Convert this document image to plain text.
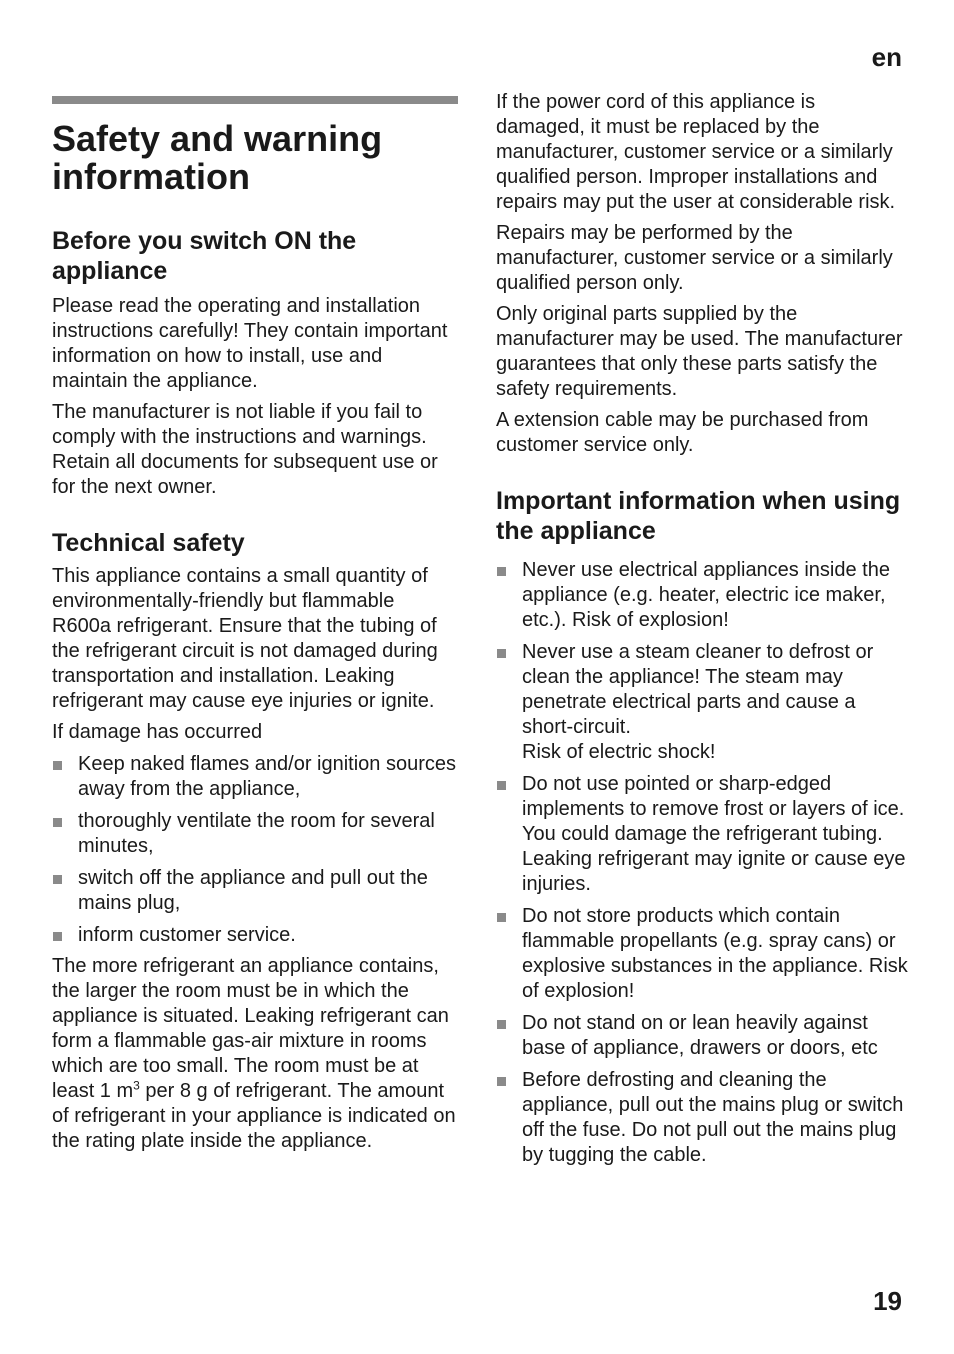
en
Safety and warning information
Before you switch ON the appliance

Please read the operating and installation instructions carefully! They contain important information on how to install, use and maintain the appliance.

The manufacturer is not liable if you fail to comply with the instructions and warnings. Retain all documents for subsequent use or for the next owner.

Technical safety

This appliance contains a small quantity of environmentally-friendly but flammable R600a refrigerant. Ensure that the tubing of the refrigerant circuit is not damaged during transportation and installation. Leaking refrigerant may cause eye injuries or ignite.

If damage has occurred

Keep naked flames and/or ignition sources away from the appliance,
thoroughly ventilate the room for several minutes,
switch off the appliance and pull out the mains plug,
inform customer service.

The more refrigerant an appliance contains, the larger the room must be in which the appliance is situated. Leaking refrigerant can form a flammable gas-air mixture in rooms which are too small. The room must be at least 1 $m^3$ per 8 g of refrigerant. The amount of refrigerant in your appliance is indicated on the rating plate inside the appliance.

If the power cord of this appliance is damaged, it must be replaced by the manufacturer, customer service or a similarly qualified person. Improper installations and repairs may put the user at considerable risk.

Repairs may be performed by the manufacturer, customer service or a similarly qualified person only.

Only original parts supplied by the manufacturer may be used. The manufacturer guarantees that only these parts satisfy the safety requirements.

A extension cable may be purchased from customer service only.

Important information when using the appliance
Never use electrical appliances inside the appliance (e.g. heater, electric ice maker, etc.). Risk of explosion!
Never use a steam cleaner to defrost or clean the appliance! The steam may penetrate electrical parts and cause a short-circuit.
Risk of electric shock!
Do not use pointed or sharp-edged implements to remove frost or layers of ice. You could damage the refrigerant tubing. Leaking refrigerant may ignite or cause eye injuries.
Do not store products which contain flammable propellants (e.g. spray cans) or explosive substances in the appliance. Risk of explosion!
Do not stand on or lean heavily against base of appliance, drawers or doors, etc
Before defrosting and cleaning the appliance, pull out the mains plug or switch off the fuse. Do not pull out the mains plug by tugging the cable.
19
